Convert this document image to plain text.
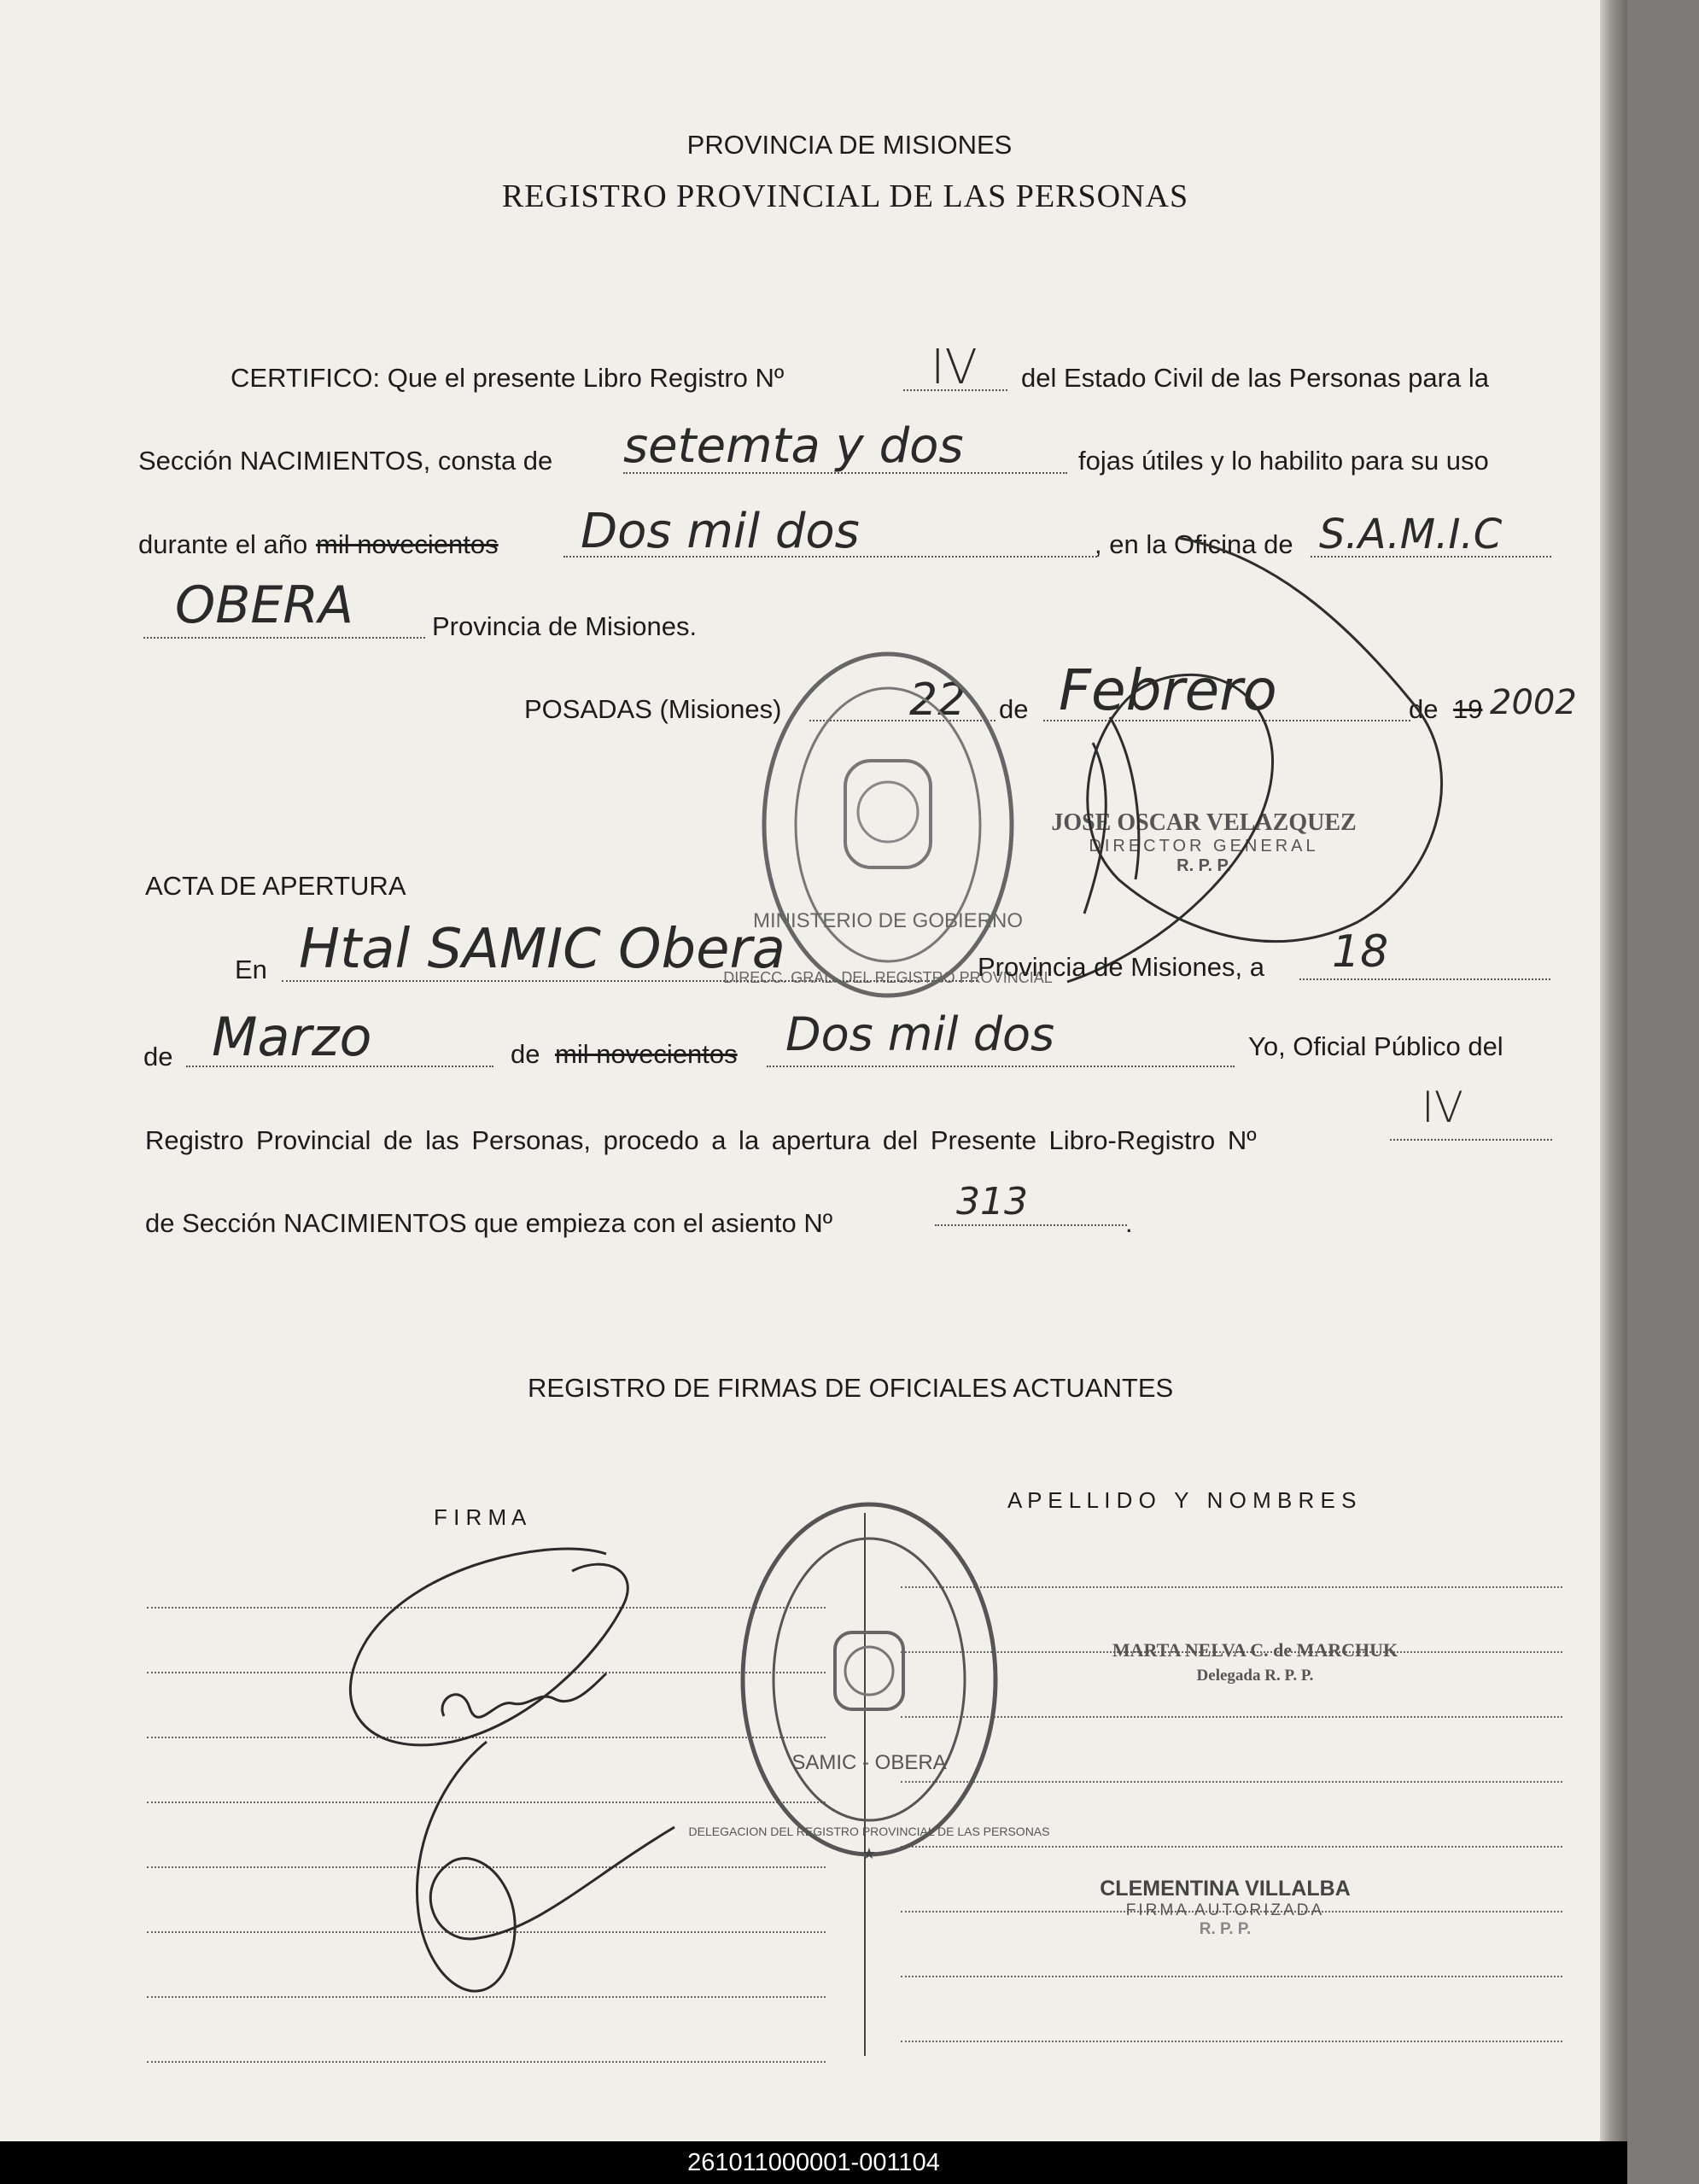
PROVINCIA DE MISIONES
REGISTRO PROVINCIAL DE LAS PERSONAS
CERTIFICO: Que el presente Libro Registro Nº	IV del Estado Civil de las Personas para la
Sección NACIMIENTOS, consta de setemta y dos	fojas útiles y lo habilito para su uso
durante el año mil novecientos Dos mil dos	, en la Oficina de S.A.M.I.C
OBERA	Provincia de Misiones.
POSADAS (Misiones)	22 de Febrero	de 19 2002
JOSE OSCAR VELAZQUEZ
DIRECTOR GENERAL
R. P. P.
MINISTERIO DE GOBIERNO
DIRECC. GRAL. DEL REGISTRO PROVINCIAL
ACTA DE APERTURA
En Htal SAMIC Obera	Provincia de Misiones, a 18
de Marzo	de mil novecientos Dos mil dos	Yo, Oficial Público del
Registro Provincial de las Personas, procedo a la apertura del Presente Libro-Registro Nº
IV
de Sección NACIMIENTOS que empieza con el asiento Nº	313	.
REGISTRO DE FIRMAS DE OFICIALES ACTUANTES
F I R M A
A P E L L I D O   Y   N O M B R E S
SAMIC - OBERA
DELEGACION DEL REGISTRO PROVINCIAL DE LAS PERSONAS
★
MARTA NELVA C. de MARCHUK
Delegada R. P. P.
CLEMENTINA VILLALBA
FIRMA AUTORIZADA
R. P. P.
261011000001-001104
